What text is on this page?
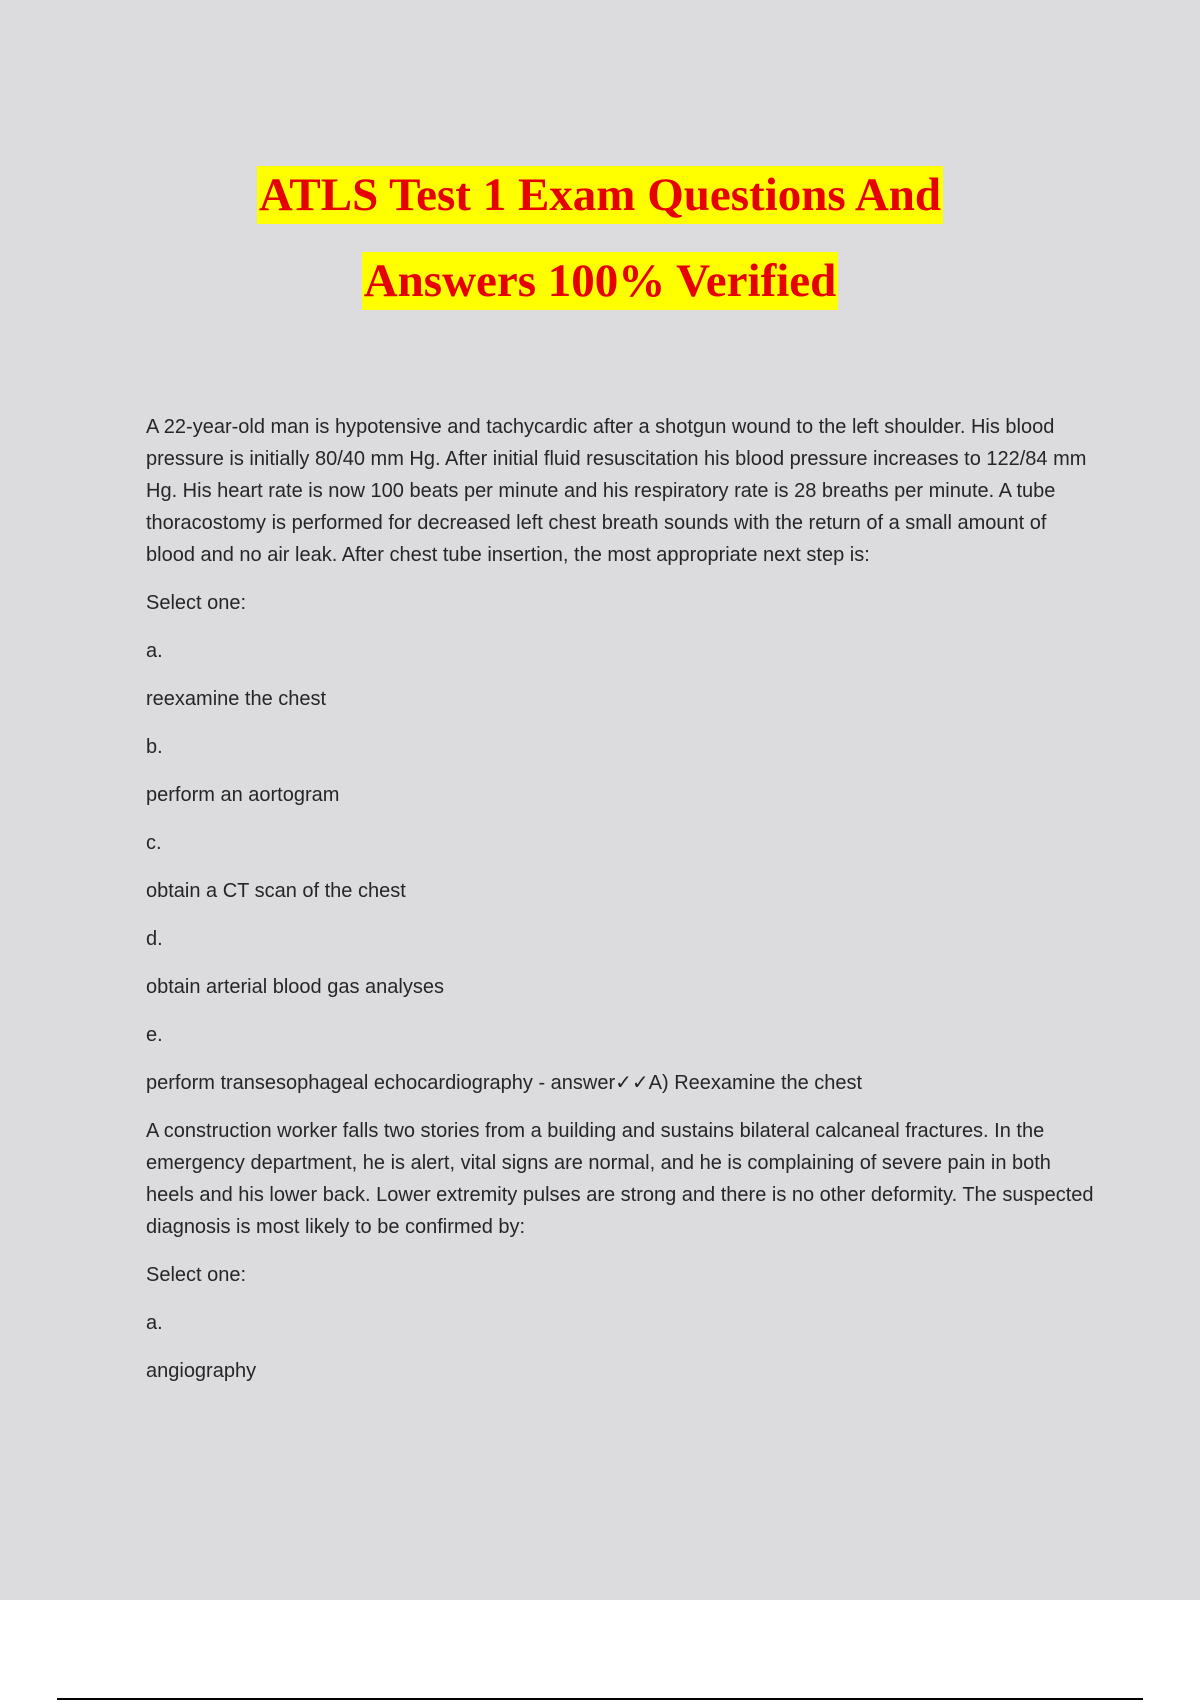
ATLS Test 1 Exam Questions And
Answers 100% Verified

A 22-year-old man is hypotensive and tachycardic after a shotgun wound to the left shoulder. His blood pressure is initially 80/40 mm Hg. After initial fluid resuscitation his blood pressure increases to 122/84 mm Hg. His heart rate is now 100 beats per minute and his respiratory rate is 28 breaths per minute. A tube thoracostomy is performed for decreased left chest breath sounds with the return of a small amount of blood and no air leak. After chest tube insertion, the most appropriate next step is:

Select one:

a.

reexamine the chest

b.

perform an aortogram

c.

obtain a CT scan of the chest

d.

obtain arterial blood gas analyses

e.

perform transesophageal echocardiography - answer✓✓A) Reexamine the chest

A construction worker falls two stories from a building and sustains bilateral calcaneal fractures. In the emergency department, he is alert, vital signs are normal, and he is complaining of severe pain in both heels and his lower back. Lower extremity pulses are strong and there is no other deformity. The suspected diagnosis is most likely to be confirmed by:

Select one:

a.

angiography
